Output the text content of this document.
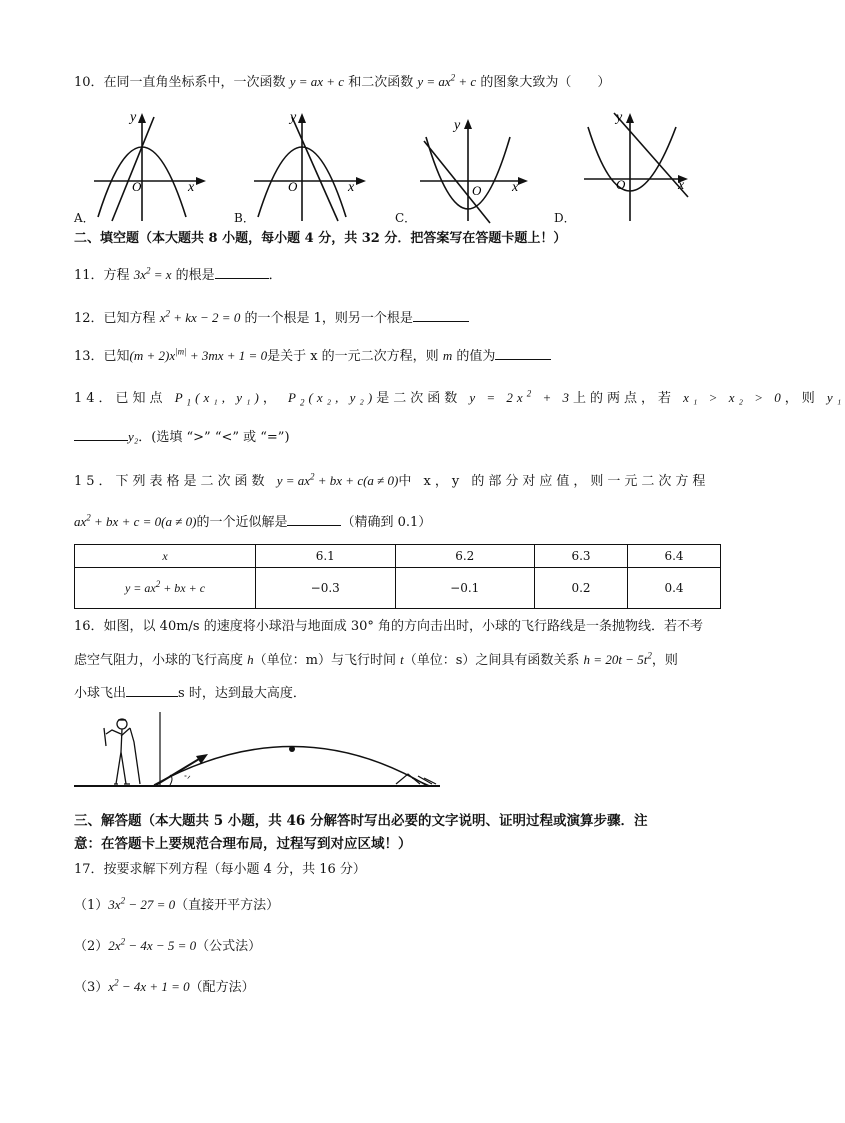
10．在同一直角坐标系中，一次函数 y = ax + c 和二次函数 $y = ax^2 + c$ 的图象大致为（　　）
y
x
O
A．
y
x
O
B．
y
x
O
C．
y
x
O
D．
二、填空题（本大题共 8 小题，每小题 4 分，共 32 分．把答案写在答题卡题上！）
11．方程 $3x^2 = x$ 的根是	．
12．已知方程 $x^2$ + kx − 2 = 0 的一个根是 1，则另一个根是
13．已知$(m + 2)x^{|m|} + 3mx + 1 = 0$是关于 x 的一元二次方程，则 m 的值为
14．已知点 $P_1(x_1$, y₁)， $P_2(x_2$, y₂)是二次函数 $y = 2x^2 + 3$上的两点，若 x₁ > x₂ > 0，则 y₁
y₂．(选填 “>” “<” 或 “=”)
15．下列表格是二次函数 $y = ax^2$ + bx + c(a ≠ 0)中 x，y 的部分对应值，则一元二次方程
$ax^2$ + bx + c = 0(a ≠ 0)的一个近似解是	（精确到 0.1）
x	6.1	6.2	6.3	6.4
$y = ax^2$ + bx + c	−0.3	−0.1	0.2	0.4
16．如图，以 40m/s 的速度将小球沿与地面成 30° 角的方向击出时，小球的飞行路线是一条抛物线．若不考
虑空气阻力，小球的飞行高度 h（单位：m）与飞行时间 t（单位：s）之间具有函数关系 $h = 20t - 5t^2$，则
小球飞出	s 时，达到最大高度．
˚ᐟ
三、解答题（本大题共 5 小题，共 46 分解答时写出必要的文字说明、证明过程或演算步骤．注
意：在答题卡上要规范合理布局，过程写到对应区域！）
17．按要求解下列方程（每小题 4 分，共 16 分）
$(1)3x^2 - 27 = 0$（直接开平方法）
$(2)2x^2 - 4x - 5 = 0$（公式法）
$(3)x^2 - 4x + 1 = 0$（配方法）
